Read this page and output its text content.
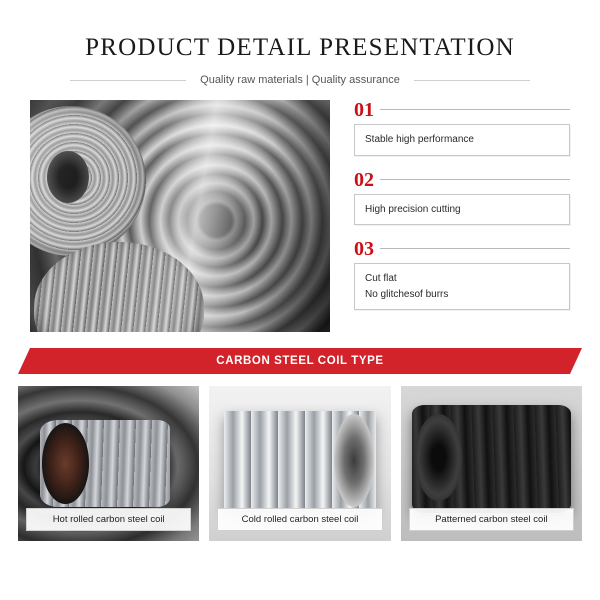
PRODUCT DETAIL PRESENTATION
Quality raw materials | Quality assurance
01
Stable high performance
02
High precision cutting
03
Cut flat
No glitchesof burrs
CARBON STEEL COIL TYPE
Hot rolled carbon steel coil	Cold rolled carbon steel coil	Patterned carbon steel coil
